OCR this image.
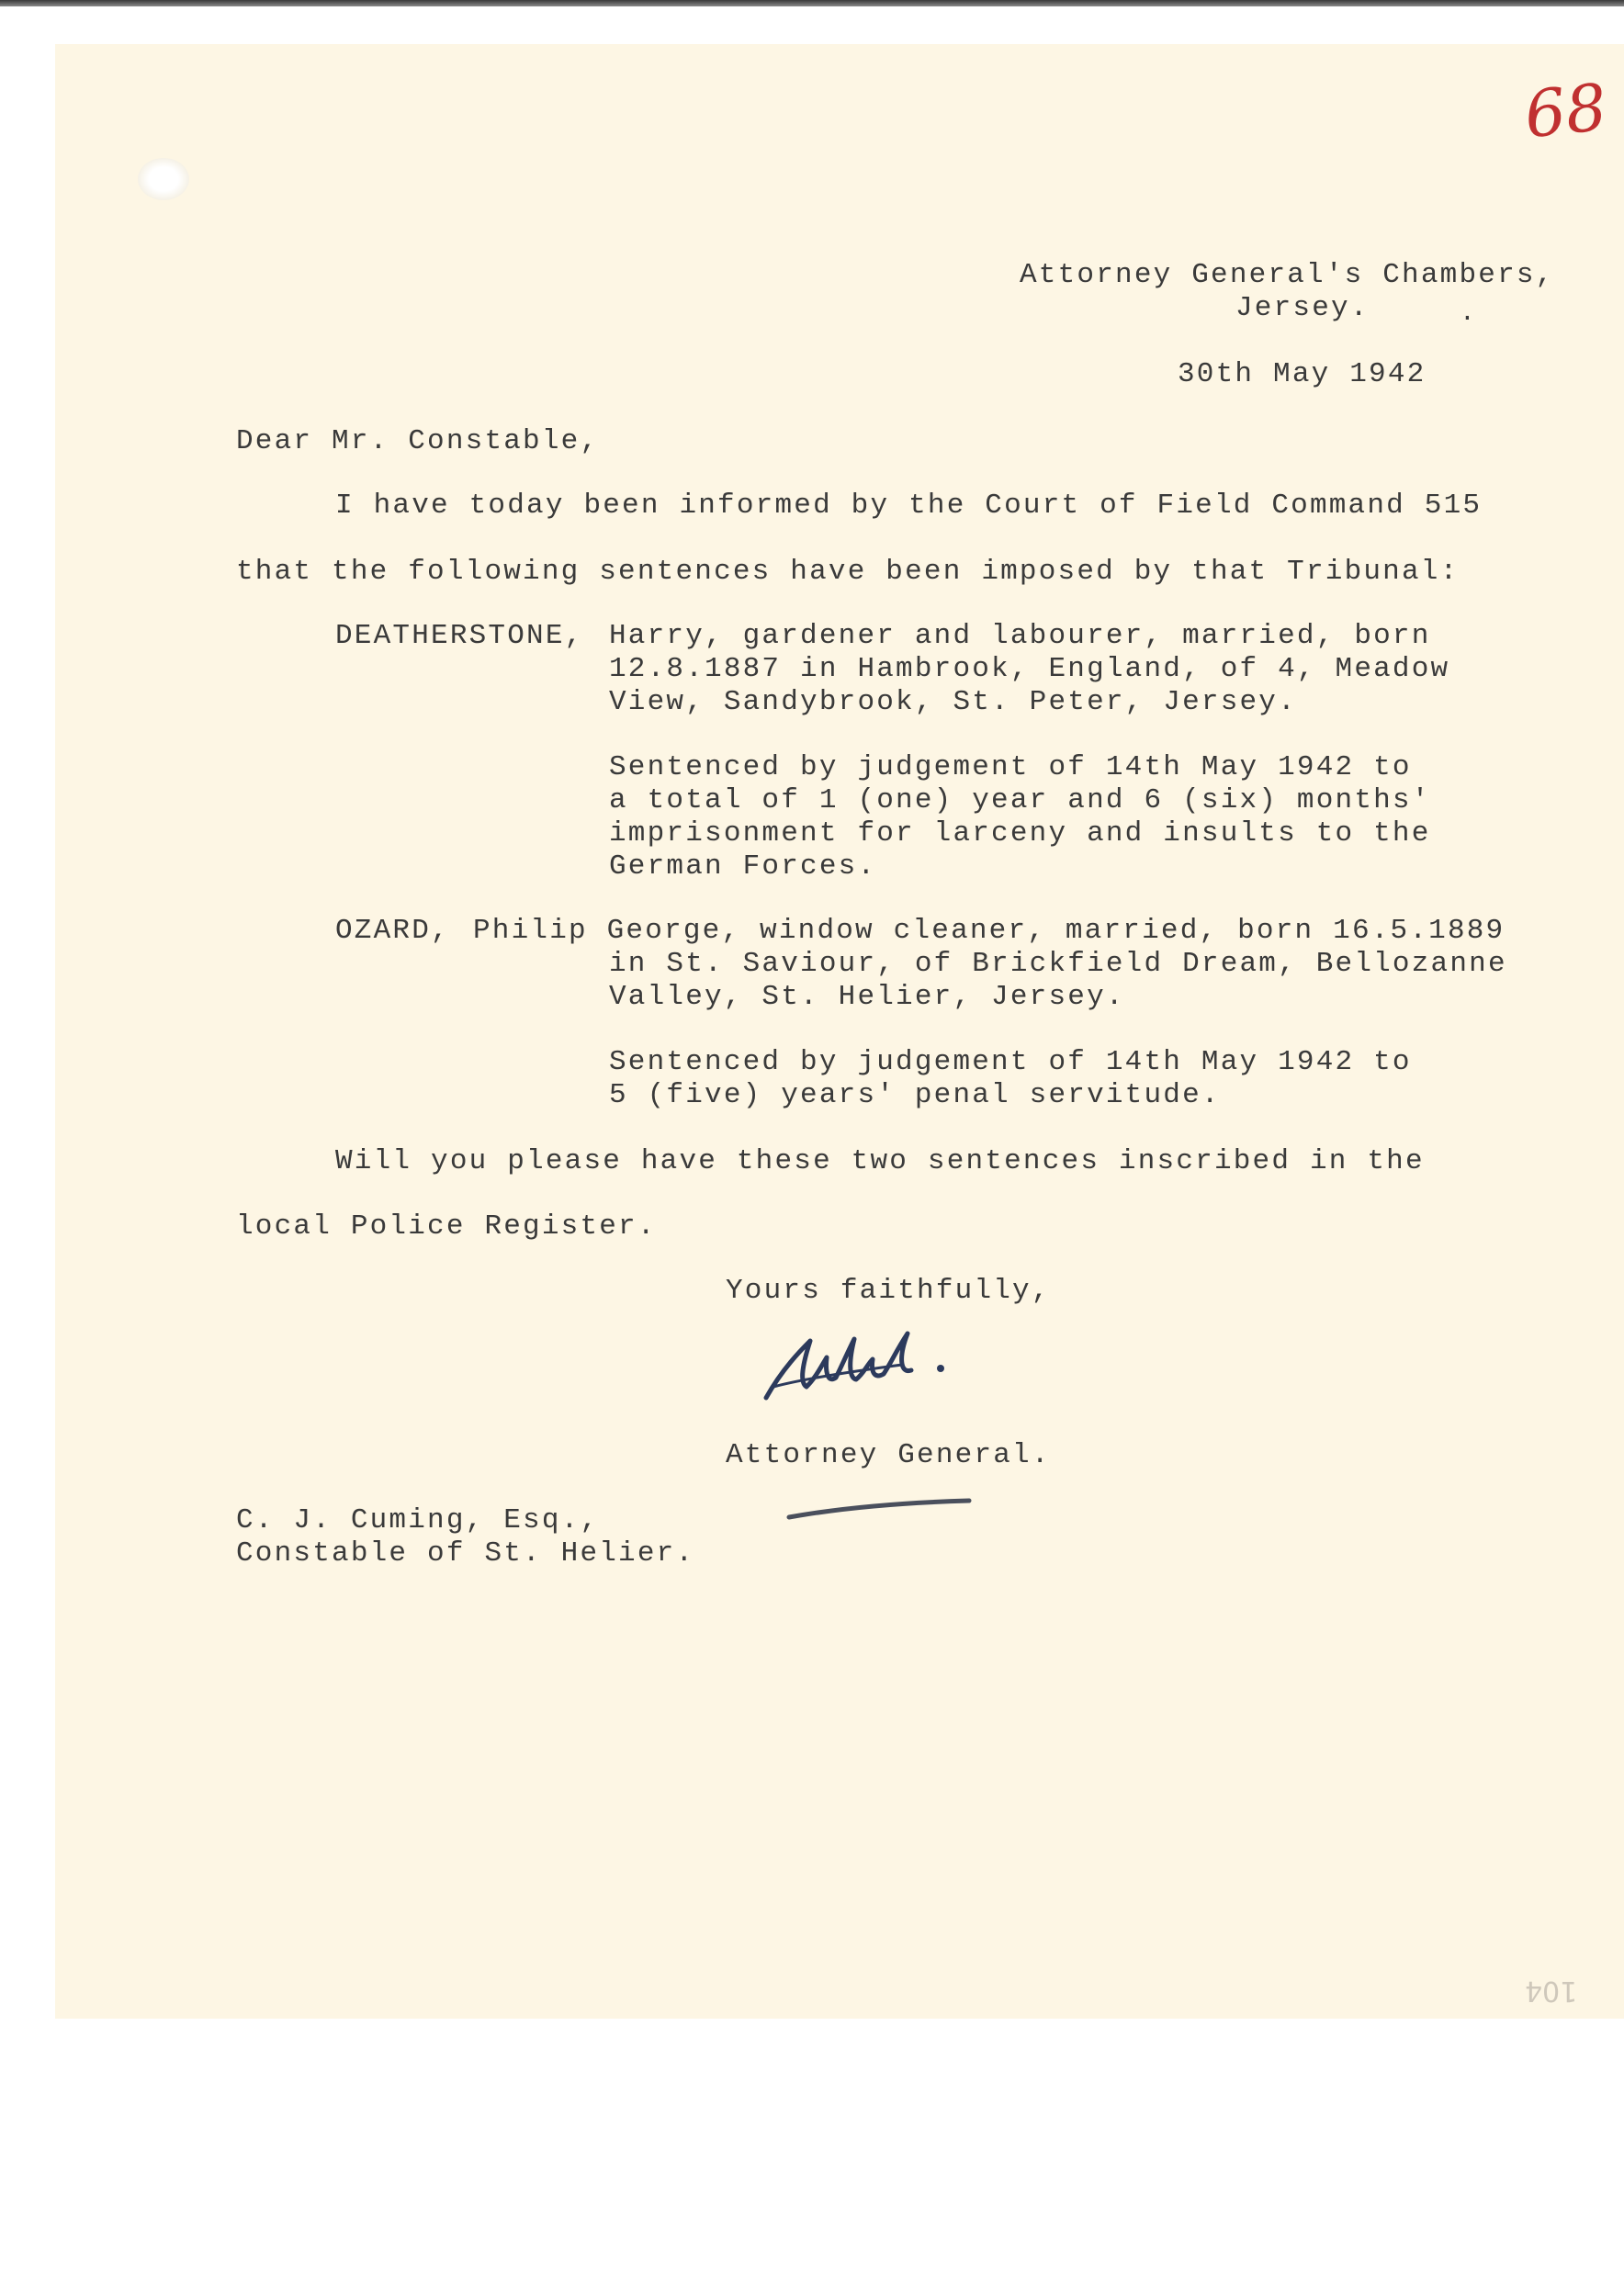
68
Attorney General's Chambers,
Jersey.	.
30th May 1942
Dear Mr. Constable,
I have today been informed by the Court of Field Command 515
that the following sentences have been imposed by that Tribunal:
DEATHERSTONE, Harry, gardener and labourer, married, born
12.8.1887 in Hambrook, England, of 4, Meadow
View, Sandybrook, St. Peter, Jersey.
Sentenced by judgement of 14th May 1942 to
a total of 1 (one) year and 6 (six) months'
imprisonment for larceny and insults to the
German Forces.
OZARD, Philip George, window cleaner, married, born 16.5.1889
in St. Saviour, of Brickfield Dream, Bellozanne
Valley, St. Helier, Jersey.
Sentenced by judgement of 14th May 1942 to
5 (five) years' penal servitude.
Will you please have these two sentences inscribed in the
local Police Register.
Yours faithfully,
Attorney General.
C. J. Cuming, Esq.,
Constable of St. Helier.
104
